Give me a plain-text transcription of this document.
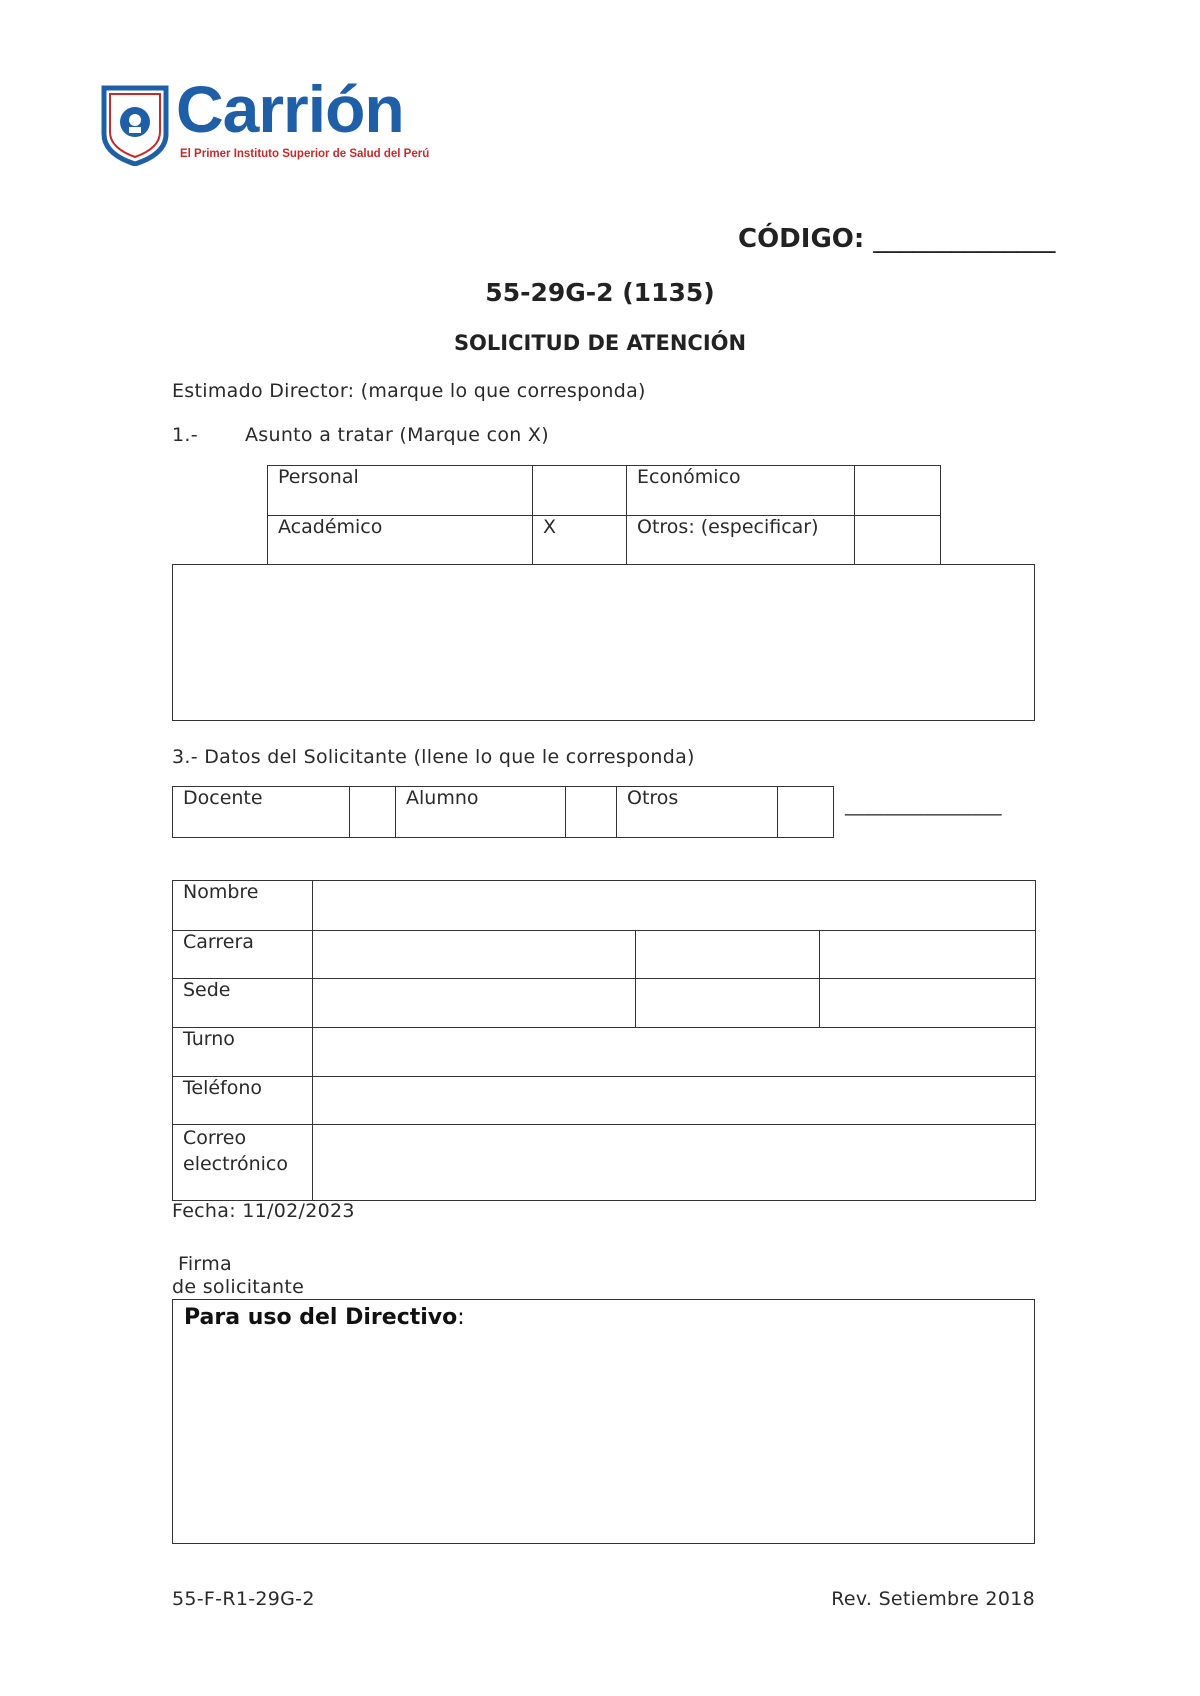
Carrión
El Primer Instituto Superior de Salud del Perú
CÓDIGO: ______________
55-29G-2 (1135)
SOLICITUD DE ATENCIÓN
Estimado Director: (marque lo que corresponda)
1.- Asunto a tratar (Marque con X)
Personal		Económico	
Académico	X	Otros: (especificar)	
3.- Datos del Solicitante (llene lo que le corresponda)
Docente		Alumno		Otros		________________
Nombre			
Carrera			
Sede			
Turno			
Teléfono			

Correo
electrónico			

Fecha: 11/02/2023
Firma
de solicitante
Para uso del Directivo:
55-F-R1-29G-2	Rev. Setiembre 2018
